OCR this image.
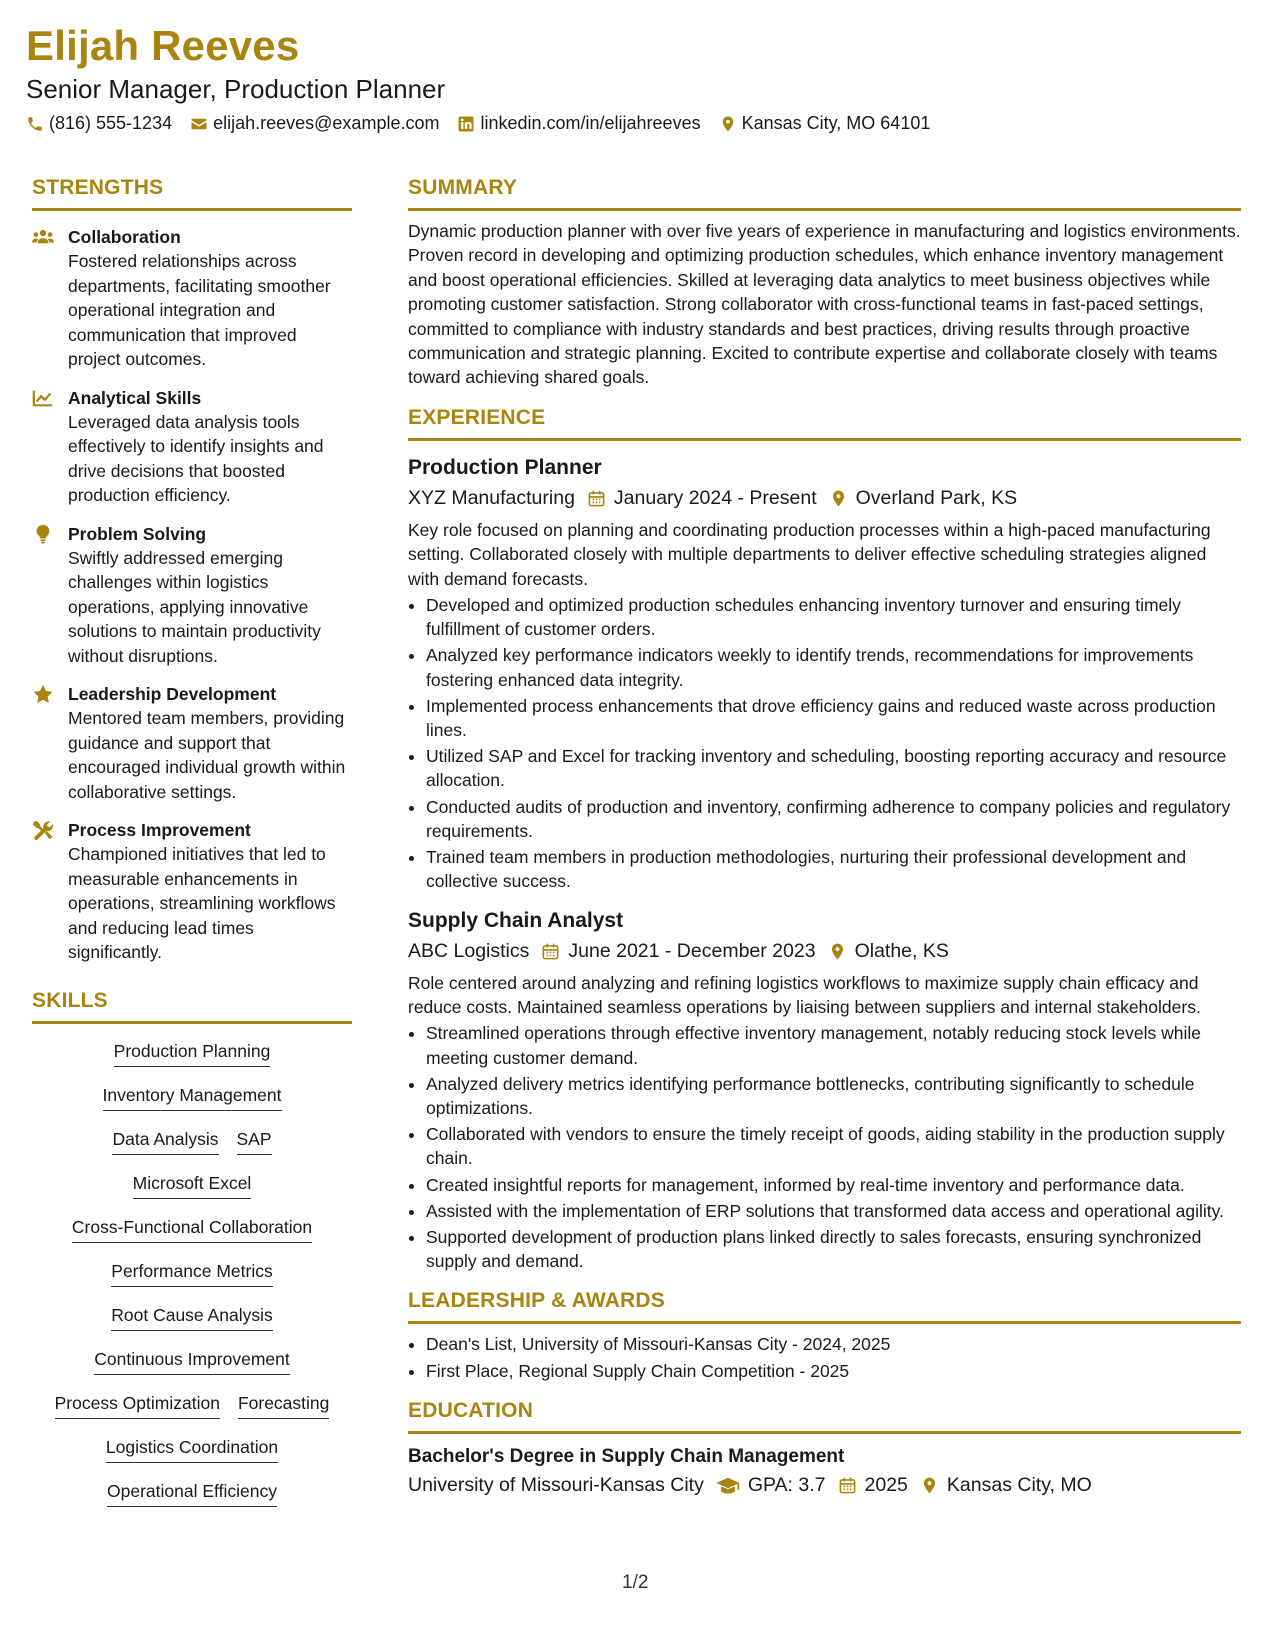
Elijah Reeves
Senior Manager, Production Planner
(816) 555-1234 elijah.reeves@example.com linkedin.com/in/elijahreeves Kansas City, MO 64101
STRENGTHS
Collaboration
Fostered relationships across departments, facilitating smoother operational integration and communication that improved project outcomes.
Analytical Skills
Leveraged data analysis tools effectively to identify insights and drive decisions that boosted production efficiency.
Problem Solving
Swiftly addressed emerging challenges within logistics operations, applying innovative solutions to maintain productivity without disruptions.
Leadership Development
Mentored team members, providing guidance and support that encouraged individual growth within collaborative settings.
Process Improvement
Championed initiatives that led to measurable enhancements in operations, streamlining workflows and reducing lead times significantly.
SKILLS
Production Planning
Inventory Management
Data Analysis SAP
Microsoft Excel
Cross-Functional Collaboration
Performance Metrics
Root Cause Analysis
Continuous Improvement
Process Optimization Forecasting
Logistics Coordination
Operational Efficiency
SUMMARY
Dynamic production planner with over five years of experience in manufacturing and logistics environments. Proven record in developing and optimizing production schedules, which enhance inventory management and boost operational efficiencies. Skilled at leveraging data analytics to meet business objectives while promoting customer satisfaction. Strong collaborator with cross-functional teams in fast-paced settings, committed to compliance with industry standards and best practices, driving results through proactive communication and strategic planning. Excited to contribute expertise and collaborate closely with teams toward achieving shared goals.
EXPERIENCE
Production Planner
XYZ Manufacturing January 2024 - Present Overland Park, KS
Key role focused on planning and coordinating production processes within a high-paced manufacturing setting. Collaborated closely with multiple departments to deliver effective scheduling strategies aligned with demand forecasts.
• Developed and optimized production schedules enhancing inventory turnover and ensuring timely fulfillment of customer orders.
• Analyzed key performance indicators weekly to identify trends, recommendations for improvements fostering enhanced data integrity.
• Implemented process enhancements that drove efficiency gains and reduced waste across production lines.
• Utilized SAP and Excel for tracking inventory and scheduling, boosting reporting accuracy and resource allocation.
• Conducted audits of production and inventory, confirming adherence to company policies and regulatory requirements.
• Trained team members in production methodologies, nurturing their professional development and collective success.
Supply Chain Analyst
ABC Logistics June 2021 - December 2023 Olathe, KS
Role centered around analyzing and refining logistics workflows to maximize supply chain efficacy and reduce costs. Maintained seamless operations by liaising between suppliers and internal stakeholders.
• Streamlined operations through effective inventory management, notably reducing stock levels while meeting customer demand.
• Analyzed delivery metrics identifying performance bottlenecks, contributing significantly to schedule optimizations.
• Collaborated with vendors to ensure the timely receipt of goods, aiding stability in the production supply chain.
• Created insightful reports for management, informed by real-time inventory and performance data.
• Assisted with the implementation of ERP solutions that transformed data access and operational agility.
• Supported development of production plans linked directly to sales forecasts, ensuring synchronized supply and demand.
LEADERSHIP & AWARDS
• Dean's List, University of Missouri-Kansas City - 2024, 2025
• First Place, Regional Supply Chain Competition - 2025
EDUCATION
Bachelor's Degree in Supply Chain Management
University of Missouri-Kansas City GPA: 3.7 2025 Kansas City, MO
1/2
